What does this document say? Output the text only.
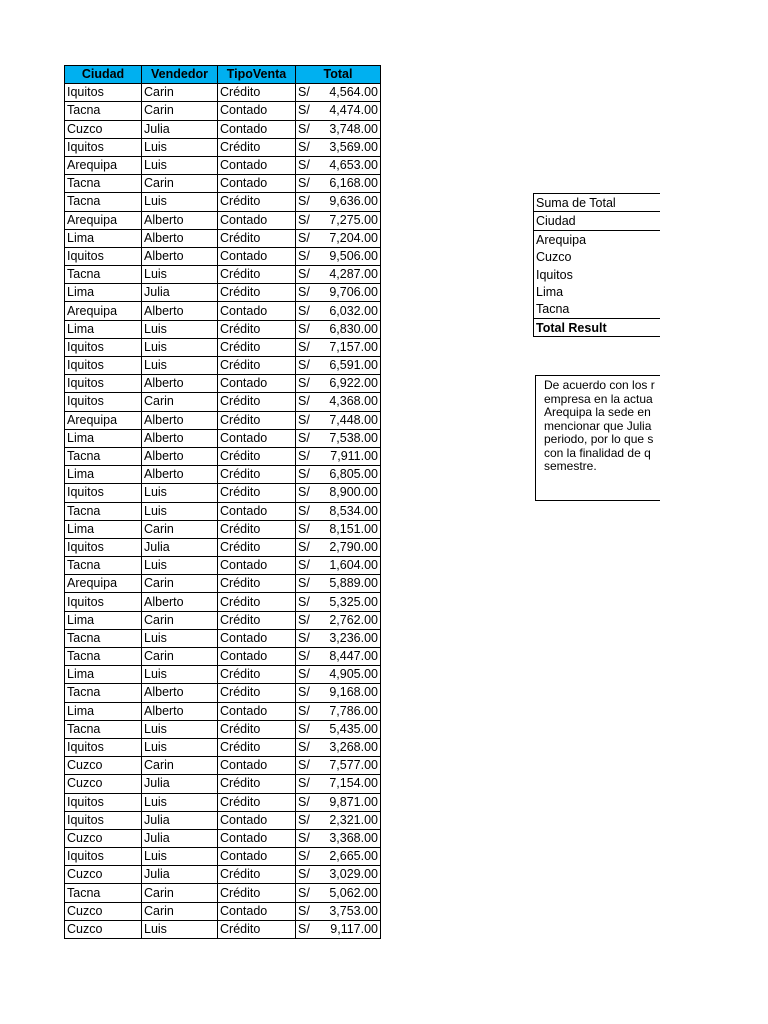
Ciudad	Vendedor	TipoVenta	Total
Iquitos	Carin	Crédito	S/ 4,564.00

Tacna	Carin	Contado	S/ 4,474.00

Cuzco	Julia	Contado	S/ 3,748.00

Iquitos	Luis	Crédito	S/ 3,569.00

Arequipa	Luis	Contado	S/ 4,653.00

Tacna	Carin	Contado	S/ 6,168.00

Tacna	Luis	Crédito	S/ 9,636.00

Arequipa	Alberto	Contado	S/ 7,275.00

Lima	Alberto	Crédito	S/ 7,204.00

Iquitos	Alberto	Contado	S/ 9,506.00

Tacna	Luis	Crédito	S/ 4,287.00

Lima	Julia	Crédito	S/ 9,706.00

Arequipa	Alberto	Contado	S/ 6,032.00

Lima	Luis	Crédito	S/ 6,830.00

Iquitos	Luis	Crédito	S/ 7,157.00

Iquitos	Luis	Crédito	S/ 6,591.00

Iquitos	Alberto	Contado	S/ 6,922.00

Iquitos	Carin	Crédito	S/ 4,368.00

Arequipa	Alberto	Crédito	S/ 7,448.00

Lima	Alberto	Contado	S/ 7,538.00

Tacna	Alberto	Crédito	S/ 7,911.00

Lima	Alberto	Crédito	S/ 6,805.00

Iquitos	Luis	Crédito	S/ 8,900.00

Tacna	Luis	Contado	S/ 8,534.00

Lima	Carin	Crédito	S/ 8,151.00

Iquitos	Julia	Crédito	S/ 2,790.00

Tacna	Luis	Contado	S/ 1,604.00

Arequipa	Carin	Crédito	S/ 5,889.00

Iquitos	Alberto	Crédito	S/ 5,325.00

Lima	Carin	Crédito	S/ 2,762.00

Tacna	Luis	Contado	S/ 3,236.00

Tacna	Carin	Contado	S/ 8,447.00

Lima	Luis	Crédito	S/ 4,905.00

Tacna	Alberto	Crédito	S/ 9,168.00

Lima	Alberto	Contado	S/ 7,786.00

Tacna	Luis	Crédito	S/ 5,435.00

Iquitos	Luis	Crédito	S/ 3,268.00

Cuzco	Carin	Contado	S/ 7,577.00

Cuzco	Julia	Crédito	S/ 7,154.00

Iquitos	Luis	Crédito	S/ 9,871.00

Iquitos	Julia	Contado	S/ 2,321.00

Cuzco	Julia	Contado	S/ 3,368.00

Iquitos	Luis	Contado	S/ 2,665.00

Cuzco	Julia	Crédito	S/ 3,029.00

Tacna	Carin	Crédito	S/ 5,062.00

Cuzco	Carin	Contado	S/ 3,753.00

Cuzco	Luis	Crédito	S/ 9,117.00
Suma de Total
Ciudad
Arequipa
Cuzco
Iquitos
Lima
Tacna
Total Result
De acuerdo con los r
empresa en la actua
Arequipa la sede en
mencionar que Julia
periodo, por lo que s
con la finalidad de q
semestre.
